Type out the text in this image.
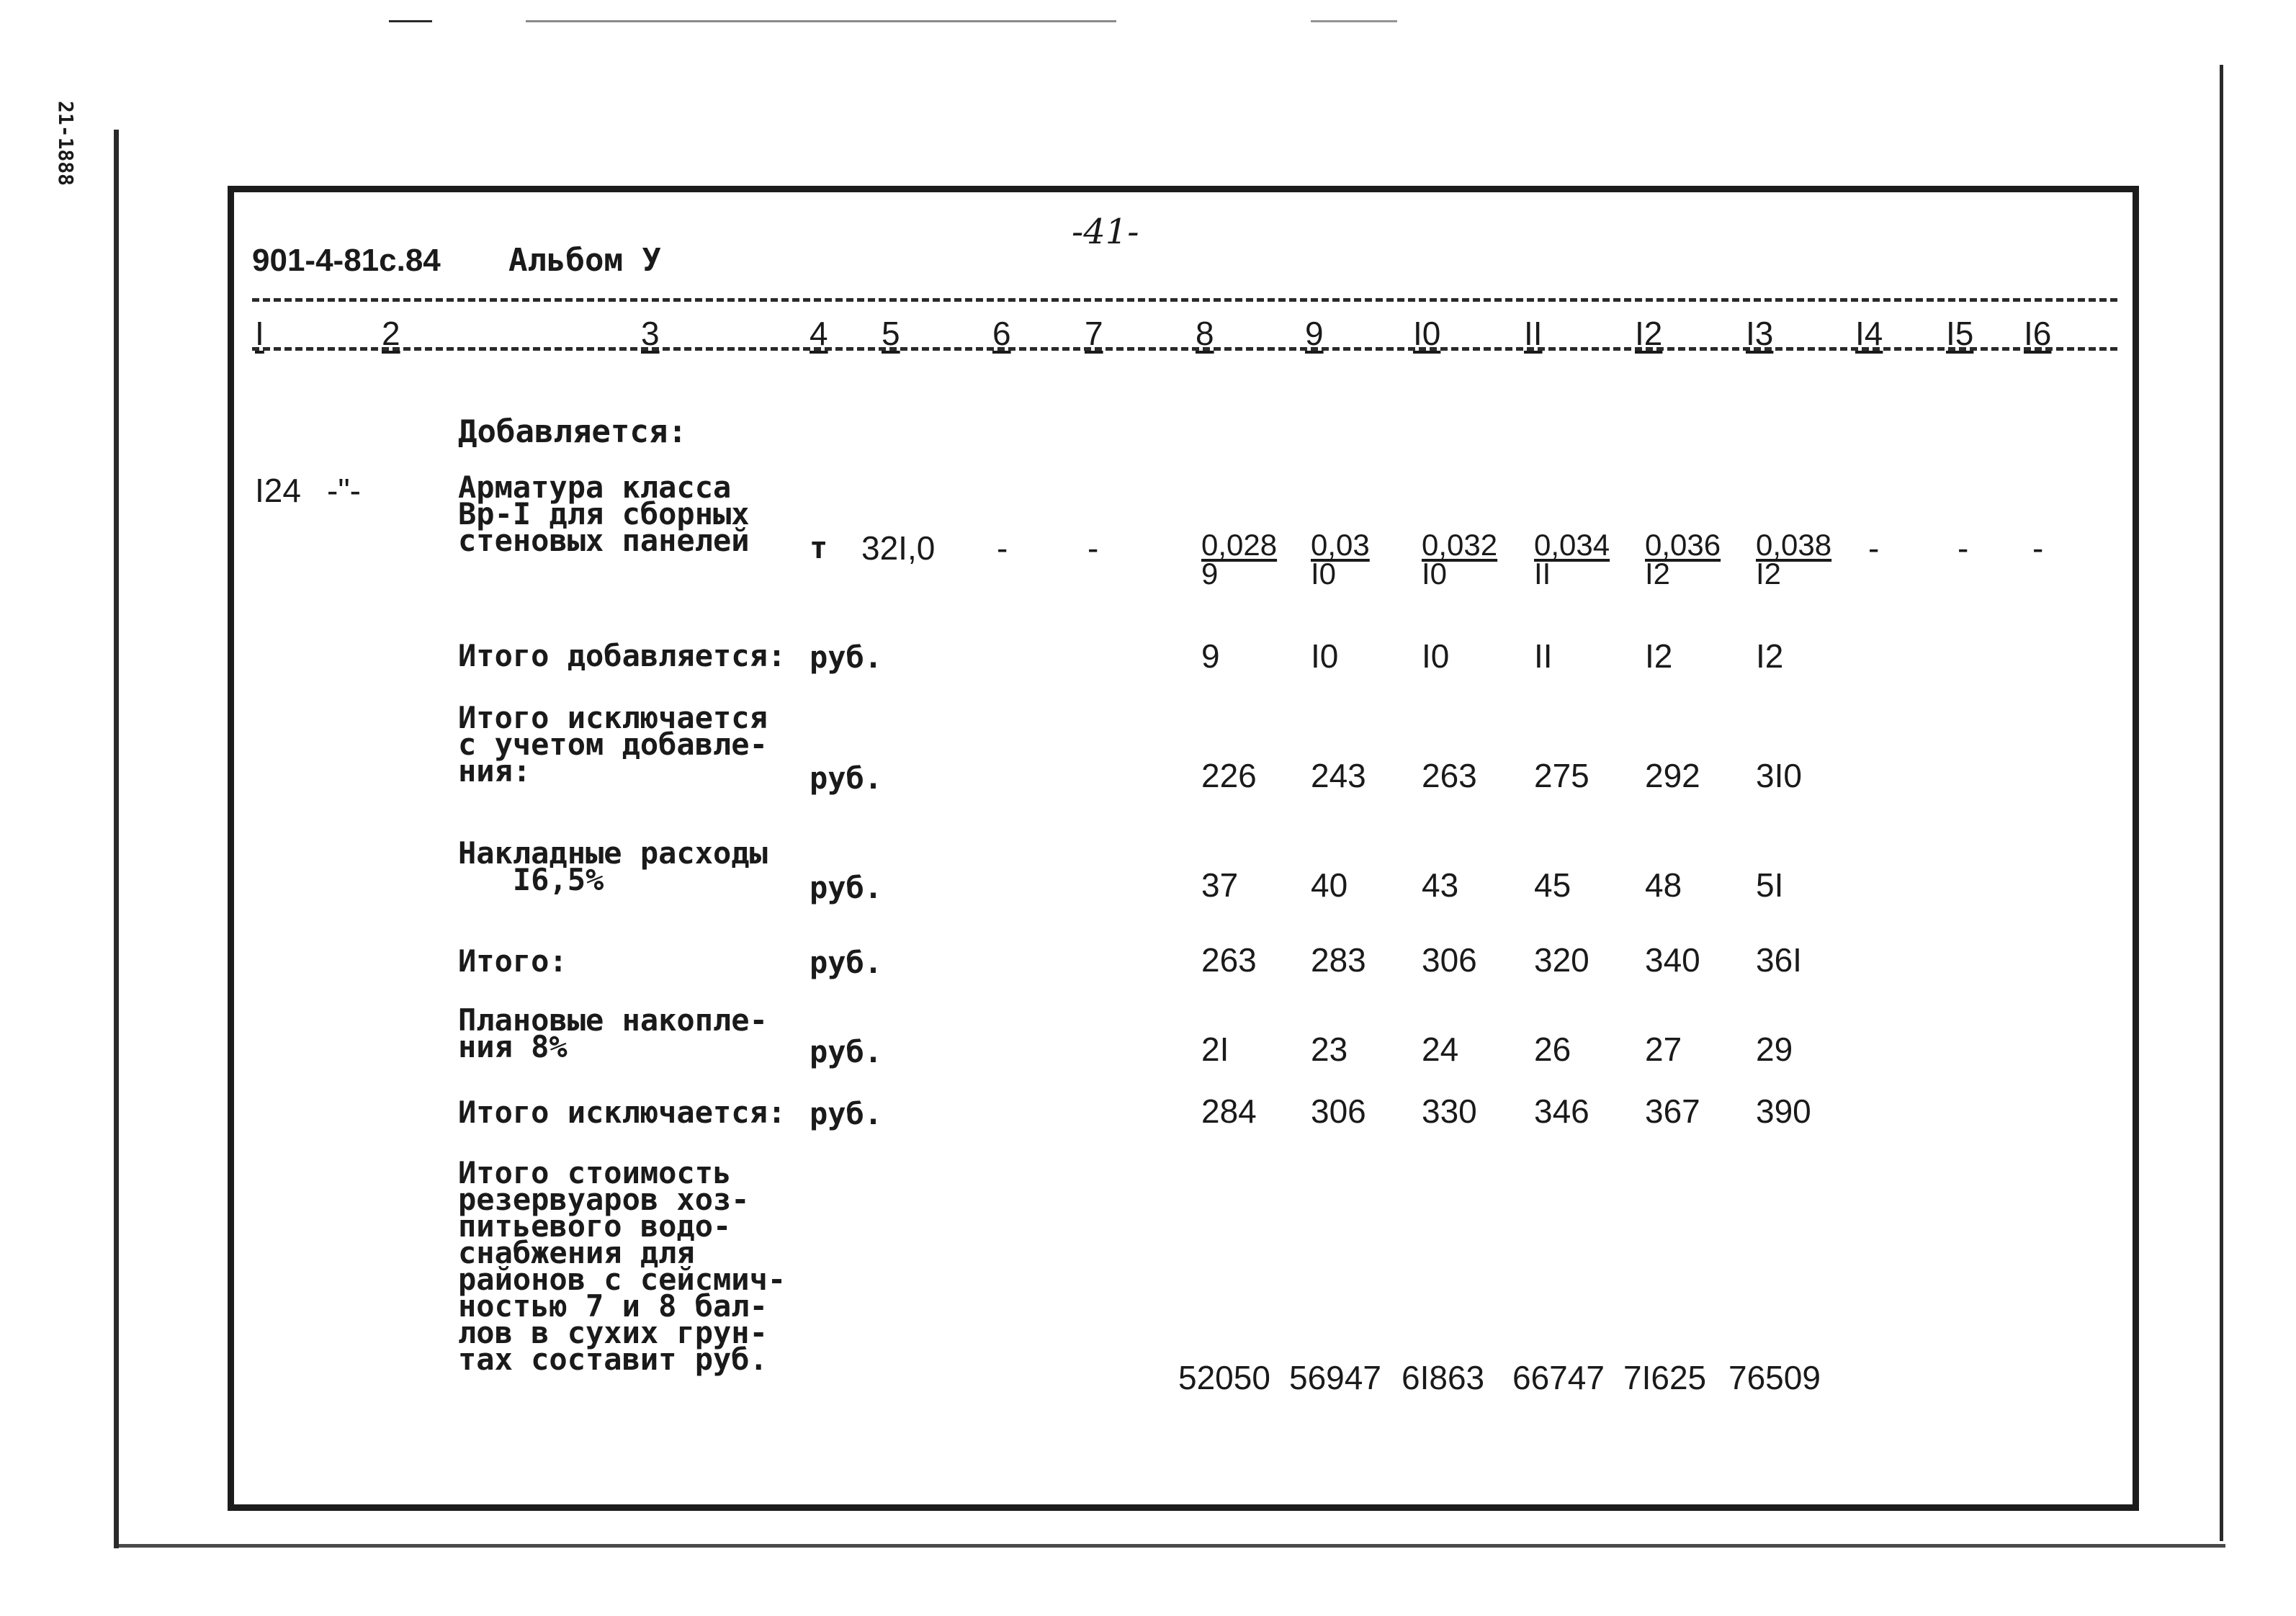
21-1888
901-4-81с.84 Альбом У
-41-
I	2	3	4 5	6 7	8	9	I0	II	I2	I3 I4 I5 I6
Добавляется:
I24 -"-	Арматура класса
Вр-I для сборных
стеновых панелей т 32I,0 - -	$\frac{0,028}{9} \frac{0,03}{I0} \frac{0,032}{I0} \frac{0,034}{II} \frac{0,036}{I2} \frac{0,038}{I2}$ - - -
Итого добавляется: руб.	9	I0	I0	II	I2	I2
Итого исключается
с учетом добавле-
ния:	руб.	226 243 263 275 292 3I0
Накладные расходы
I6,5%	руб.	37 40 43 45 48 5I
Итого:	руб.	263 283 306 320 340 36I
Плановые накопле-
ния 8%	руб.	2I 23 24 26 27 29
Итого исключается: руб.	284 306 330 346 367 390
Итого стоимость
резервуаров хоз-
питьевого водо-
снабжения для
районов с сейсмич-
ностью 7 и 8 бал-
лов в сухих грун-
тах составит руб.	52050 56947 6I863 66747 7I625 76509
